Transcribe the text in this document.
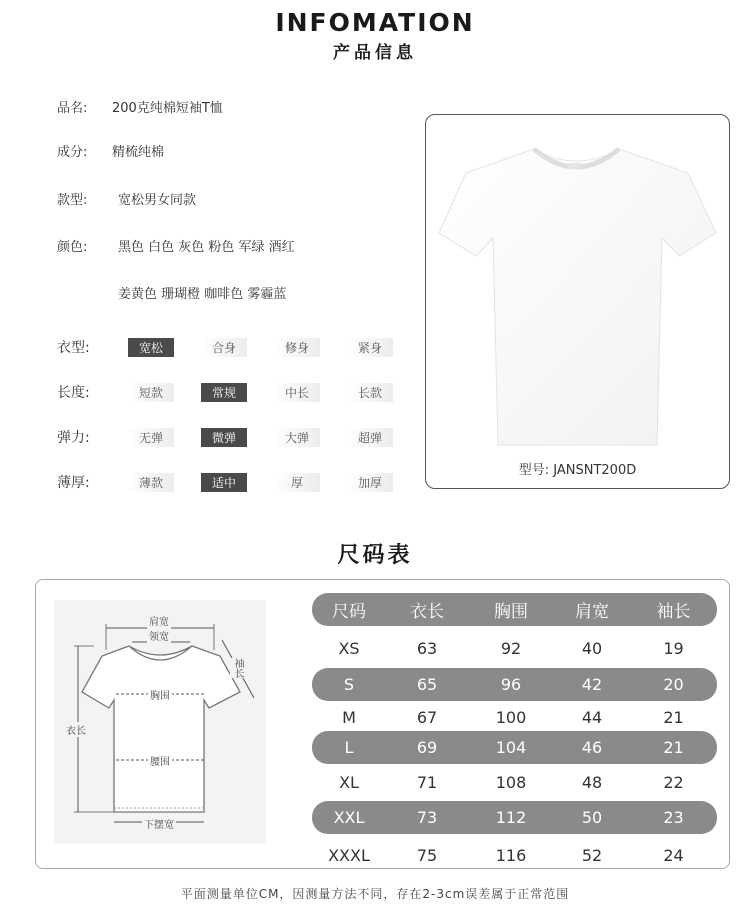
INFOMATION
产品信息
品名:	200克纯棉短袖T恤
成分:	精梳纯棉
款型:	宽松男女同款
颜色:	黑色 白色 灰色 粉色 军绿 酒红
姜黄色 珊瑚橙 咖啡色 雾霾蓝
衣型:	宽松	合身	修身	紧身
长度:	短款	常规	中长	长款
弹力:	无弹	微弹	大弹	超弹
薄厚:	薄款	适中	厚	加厚
型号: JANSNT200D
尺码表
肩宽
领宽
袖长
胸围
衣长
腰围
下摆宽
尺码	衣长	胸围	肩宽	袖长
XS	63	92	40	19
S	65	96	42	20
M	67	100	44	21
L	69	104	46	21
XL	71	108	48	22
XXL	73	112	50	23
XXXL	75	116	52	24
平面测量单位CM，因测量方法不同，存在2-3cm误差属于正常范围
